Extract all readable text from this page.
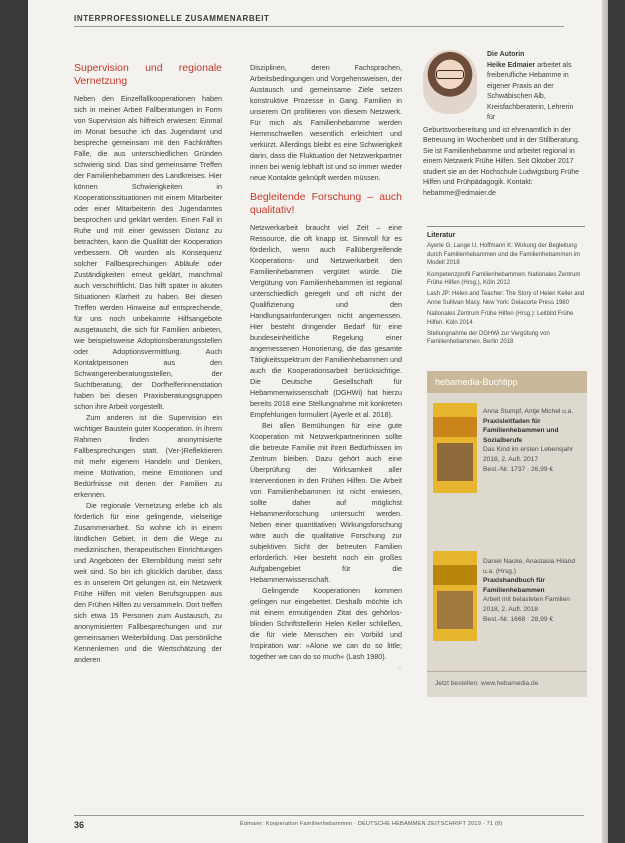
INTERPROFESSIONELLE ZUSAMMENARBEIT
Supervision und regionale Vernetzung

Neben den Einzelfallkooperationen haben sich in meiner Arbeit Fallberatungen in Form von Supervision als hilfreich erwiesen: Einmal im Monat besuche ich das Jugendamt und bespreche gemeinsam mit den Fachkräften Fälle, die aus unterschiedlichen Gründen schwierig sind. Das sind gemeinsame Treffen der Familienhebammen des Landkreises. Hier können Schwierigkeiten in Kooperationssituationen mit einem Mitarbeiter oder einer Mitarbeiterin des Jugendamtes besprochen und geklärt werden. Einen Fall in Ruhe und mit einer gewissen Distanz zu betrachten, kann die Qualität der Kooperation verbessern. Oft wurden als Konsequenz solcher Fallbesprechungen Abläufe oder Zuständigkeiten erneut geklärt, manchmal auch verschriftlicht. Das hilft später in akuten Situationen Klarheit zu haben. Bei diesen Treffen werden Hinweise auf entsprechende, für uns noch unbekannte Hilfsangebote ausgetauscht, die sich für Familien anbieten, wie beispielsweise Adoptionsberatungsstellen oder Adoptionsvermittlung. Auch Kontaktpersonen aus den Schwangerenberatungsstellen, der Suchtberatung, der Dorfhelferinnenstation haben bei diesen Praxisberatungsgruppen schon ihre Arbeit vorgestellt.

Zum anderen ist die Supervision ein wichtiger Baustein guter Kooperation. In ihrem Rahmen finden anonymisierte Fallbesprechungen statt. (Ver-)Reflektieren mit mehr eigenem Handeln und Denken, meine Motivation, meine Emotionen und Bedürfnisse mit denen der Familien zu erkennen.

Die regionale Vernetzung erlebe ich als förderlich für eine gelingende, vielseitige Zusammenarbeit. So wohne ich in einem ländlichen Gebiet, in dem die Wege zu medizinischen, therapeutischen Einrichtungen und Angeboten der Elternbildung meist sehr weit sind. So bin ich glücklich darüber, dass es in unserem Ort gelungen ist, ein Netzwerk Frühe Hilfen mit vielen Berufsgruppen aus den Frühen Hilfen zu versammeln. Dort treffen sich etwa 15 Personen zum Austausch, zu anonymisierten Fallbesprechungen und zur gemeinsamen Weiterbildung. Das persönliche Kennenlernen und die Wertschätzung der anderen

Disziplinen, deren Fachsprachen, Arbeitsbedingungen und Vorgehensweisen, der Austausch und gemeinsame Ziele setzen konstruktive Prozesse in Gang. Familien in unserem Ort profitieren von diesem Netzwerk. Für mich als Familienhebamme werden Hemmschwellen wesentlich erleichtert und verkürzt. Allerdings bleibt es eine Schwierigkeit darin, dass die Fluktuation der Netzwerkpartner innen bei wenig lebhaft ist und so immer wieder neue Kontakte geknüpft werden müssen.

Begleitende Forschung – auch qualitativ!

Netzwerkarbeit braucht viel Zeit – eine Ressource, die oft knapp ist. Sinnvoll für es förderlich, wenn auch Fallübergreifende Kooperations- und Netzwerkarbeit den Familienhebammen vergütet würde. Die Vergütung von Familienhebammen ist regional unterschiedlich geregelt und oft nicht der Qualifizierung und den Handlungsanforderungen nicht angemessen. Hier besteht dringender Bedarf für eine bundeseinheitliche Regelung einer angemessenen Honorierung, die das gesamte Tätigkeitsspektrum der Familienhebammen und auch die Kooperationsarbeit berücksichtige. Die Deutsche Gesellschaft für Hebammenwissenschaft (DGHWi) hat hierzu bereits 2018 eine Stellungnahme mit konkreten Empfehlungen formuliert (Ayerle et al. 2018).

Bei allen Bemühungen für eine gute Kooperation mit Netzwerkpartnerinnen sollte die betreute Familie mit ihren Bedürfnissen im Zentrum bleiben. Dazu gehört auch eine Überprüfung der Wirksamkeit aller Interventionen in den Frühen Hilfen. Die Arbeit von Familienhebammen ist nicht erwiesen, sollte daher auf möglichst Hebammenforschung untersucht werden. Neben einer quantitativen Wirkungsforschung wäre auch die qualitative Forschung zur subjektiven Sicht der betreuten Familien erforderlich. Hier besteht noch ein großes Aufgabengebiet für die Hebammenwissenschaft.

Gelingende Kooperationen kommen gelingen nur eingebettet. Deshalb möchte ich mit einem ermutigenden Zitat des gehörlos-blinden Schriftstellerin Helen Keller schließen, die für viele Menschen ein Vorbild und Inspiration war: »Alone we can do so little; together we can do so much« (Lash 1980).

◌

Die Autorin
Heike Edmaier arbeitet als freiberufliche Hebamme in eigener Praxis an der Schwäbischen Alb, Kreisfachberaterin, Lehrerin für
Geburtsvorbereitung und ist ehrenamtlich in der Betreuung im Wochenbett und in der Stillberatung. Sie ist Familienhebamme und arbeitet regional in einem Netzwerk Frühe Hilfen. Seit Oktober 2017 studiert sie an der Hochschule Ludwigsburg Frühe Hilfen und Frühpädagogik. Kontakt: hebamme@edmaier.de
Literatur

Ayerle G, Lange U, Hoffmann K: Wirkung der Begleitung durch Familienhebammen und die Familienhebammen im Modell 2018

Kompetenzprofil Familienhebammen: Nationales Zentrum Frühe Hilfen (Hrsg.), Köln 2012

Lash JP: Helen and Teacher: The Story of Helen Keller and Anne Sullivan Macy. New York: Delacorte Press 1980

Nationales Zentrum Frühe Hilfen (Hrsg.): Leitbild Frühe Hilfen. Köln 2014

Stellungnahme der DGHWi zur Vergütung von Familienhebammen. Berlin 2018

hebamedia-Buchtipp
Anna Stumpf, Antje Michel u.a.
Praxisleitfaden für Familienhebammen und Sozialberufe
Das Kind im ersten Lebensjahr
2018, 2. Aufl. 2017
Best.-Nr. 1737 · 26,99 €
Daniel Nacke, Anastasia Hiland u.a. (Hrsg.)
Praxishandbuch für Familienhebammen
Arbeit mit belasteten Familien
2018, 2. Aufl. 2018
Best.-Nr. 1668 · 28,99 €
Jetzt bestellen: www.hebamedia.de
36	Edmaier: Kooperation Familienhebammen · DEUTSCHE HEBAMMEN ZEITSCHRIFT 2019 · 71 (8)
